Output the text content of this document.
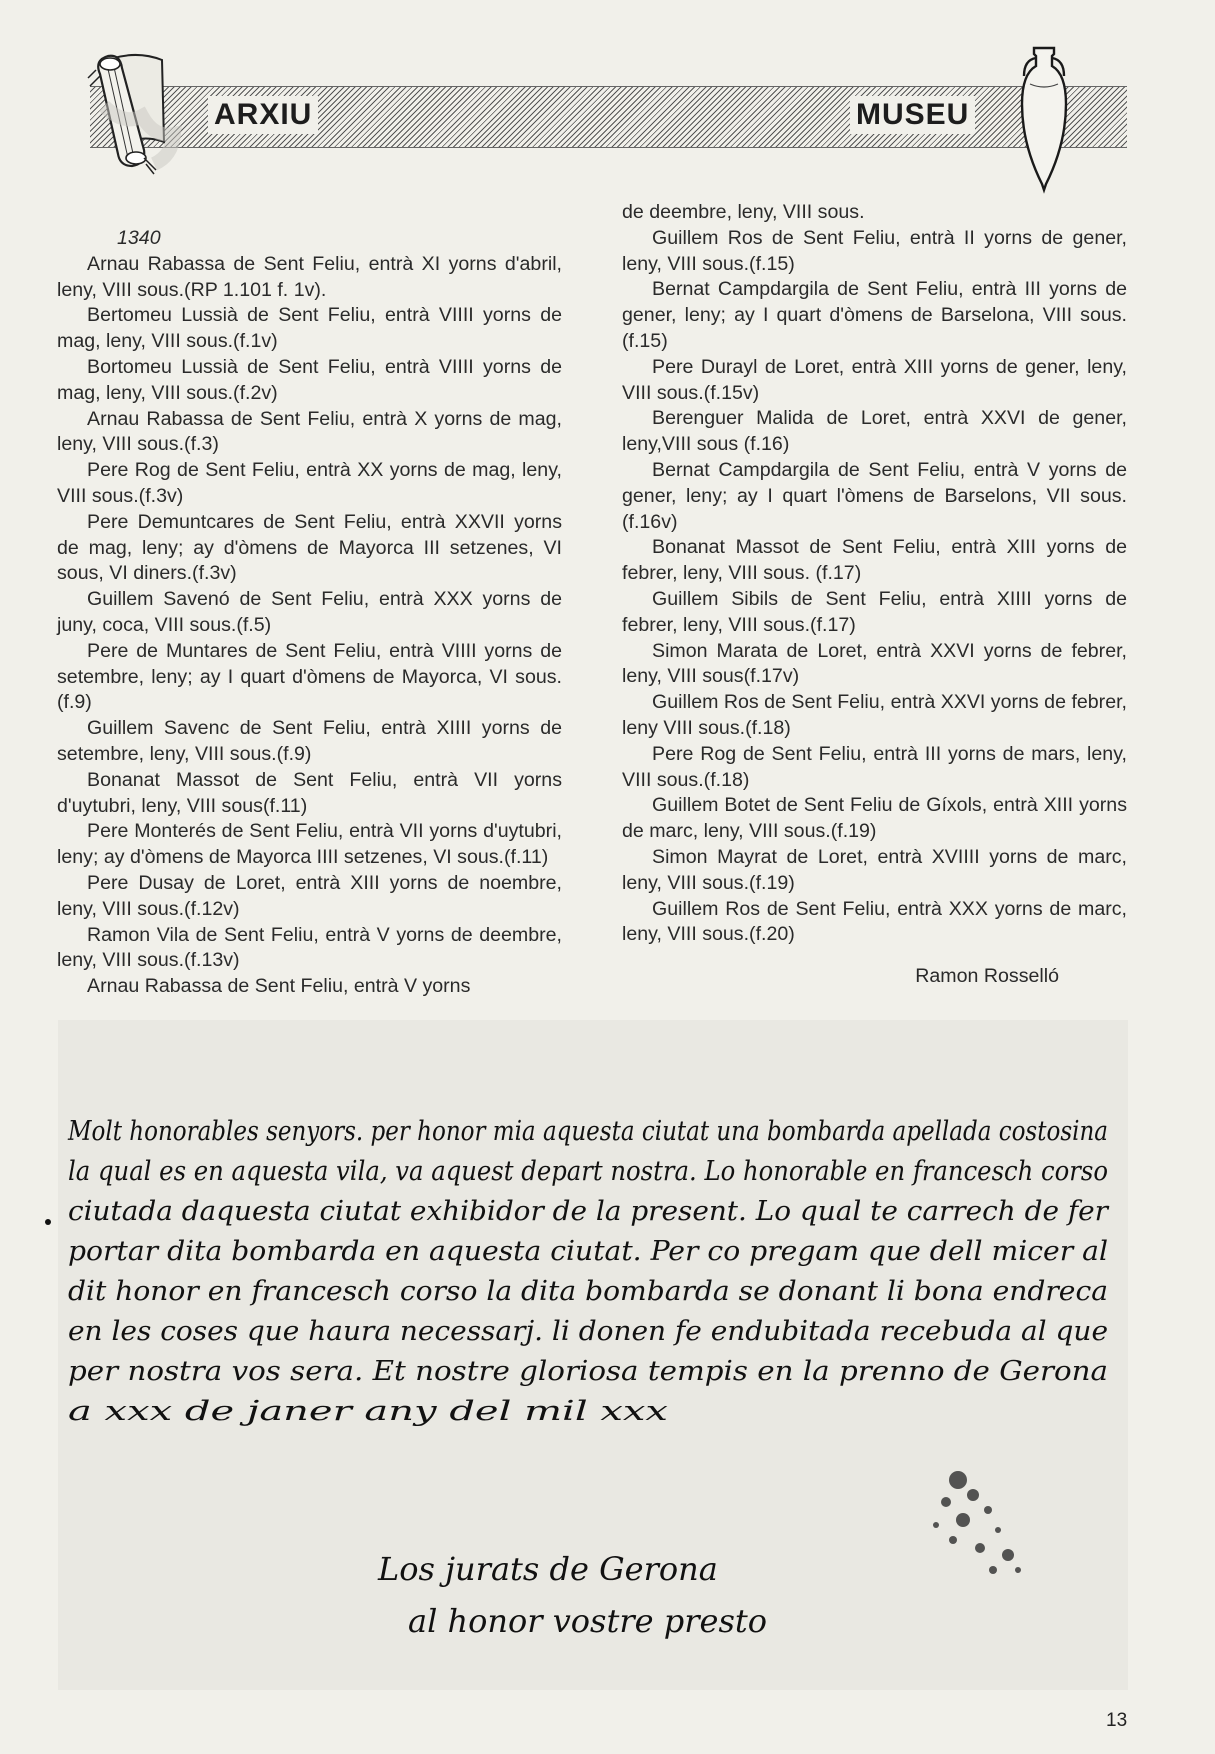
ARXIU	MUSEU

1340

Arnau Rabassa de Sent Feliu, entrà XI yorns d'abril, leny, VIII sous.(RP 1.101 f. 1v).

Bertomeu Lussià de Sent Feliu, entrà VIIII yorns de mag, leny, VIII sous.(f.1v)

Bortomeu Lussià de Sent Feliu, entrà VIIII yorns de mag, leny, VIII sous.(f.2v)

Arnau Rabassa de Sent Feliu, entrà X yorns de mag, leny, VIII sous.(f.3)

Pere Rog de Sent Feliu, entrà XX yorns de mag, leny, VIII sous.(f.3v)

Pere Demuntcares de Sent Feliu, entrà XXVII yorns de mag, leny; ay d'òmens de Mayorca III setzenes, VI sous, VI diners.(f.3v)

Guillem Savenó de Sent Feliu, entrà XXX yorns de juny, coca, VIII sous.(f.5)

Pere de Muntares de Sent Feliu, entrà VIIII yorns de setembre, leny; ay I quart d'òmens de Mayorca, VI sous.(f.9)

Guillem Savenc de Sent Feliu, entrà XIIII yorns de setembre, leny, VIII sous.(f.9)

Bonanat Massot de Sent Feliu, entrà VII yorns d'uytubri, leny, VIII sous(f.11)

Pere Monterés de Sent Feliu, entrà VII yorns d'uytubri, leny; ay d'òmens de Mayorca IIII setzenes, VI sous.(f.11)

Pere Dusay de Loret, entrà XIII yorns de noembre, leny, VIII sous.(f.12v)

Ramon Vila de Sent Feliu, entrà V yorns de deembre, leny, VIII sous.(f.13v)

Arnau Rabassa de Sent Feliu, entrà V yorns

de deembre, leny, VIII sous.

Guillem Ros de Sent Feliu, entrà II yorns de gener, leny, VIII sous.(f.15)

Bernat Campdargila de Sent Feliu, entrà III yorns de gener, leny; ay I quart d'òmens de Barselona, VIII sous.(f.15)

Pere Durayl de Loret, entrà XIII yorns de gener, leny, VIII sous.(f.15v)

Berenguer Malida de Loret, entrà XXVI de gener, leny,VIII sous (f.16)

Bernat Campdargila de Sent Feliu, entrà V yorns de gener, leny; ay I quart l'òmens de Barselons, VII sous.(f.16v)

Bonanat Massot de Sent Feliu, entrà XIII yorns de febrer, leny, VIII sous. (f.17)

Guillem Sibils de Sent Feliu, entrà XIIII yorns de febrer, leny, VIII sous.(f.17)

Simon Marata de Loret, entrà XXVI yorns de febrer, leny, VIII sous(f.17v)

Guillem Ros de Sent Feliu, entrà XXVI yorns de febrer, leny VIII sous.(f.18)

Pere Rog de Sent Feliu, entrà III yorns de mars, leny, VIII sous.(f.18)

Guillem Botet de Sent Feliu de Gíxols, entrà XIII yorns de marc, leny, VIII sous.(f.19)

Simon Mayrat de Loret, entrà XVIIII yorns de marc, leny, VIII sous.(f.19)

Guillem Ros de Sent Feliu, entrà XXX yorns de marc, leny, VIII sous.(f.20)

Ramon Rosselló

Molt honorables senyors. per honor mia aquesta ciutat una bombarda apellada costosina
la qual es en aquesta vila, va aquest depart nostra. Lo honorable en francesch corso
ciutada daquesta ciutat exhibidor de la present. Lo qual te carrech de fer
portar dita bombarda en aquesta ciutat. Per co pregam que dell micer al
dit honor en francesch corso la dita bombarda se donant li bona endreca
en les coses que haura necessarj. li donen fe endubitada recebuda al que
per nostra vos sera. Et nostre gloriosa tempis en la prenno de Gerona
a xxx de janer any del mil xxx
Los jurats de Gerona
al honor vostre presto
13
